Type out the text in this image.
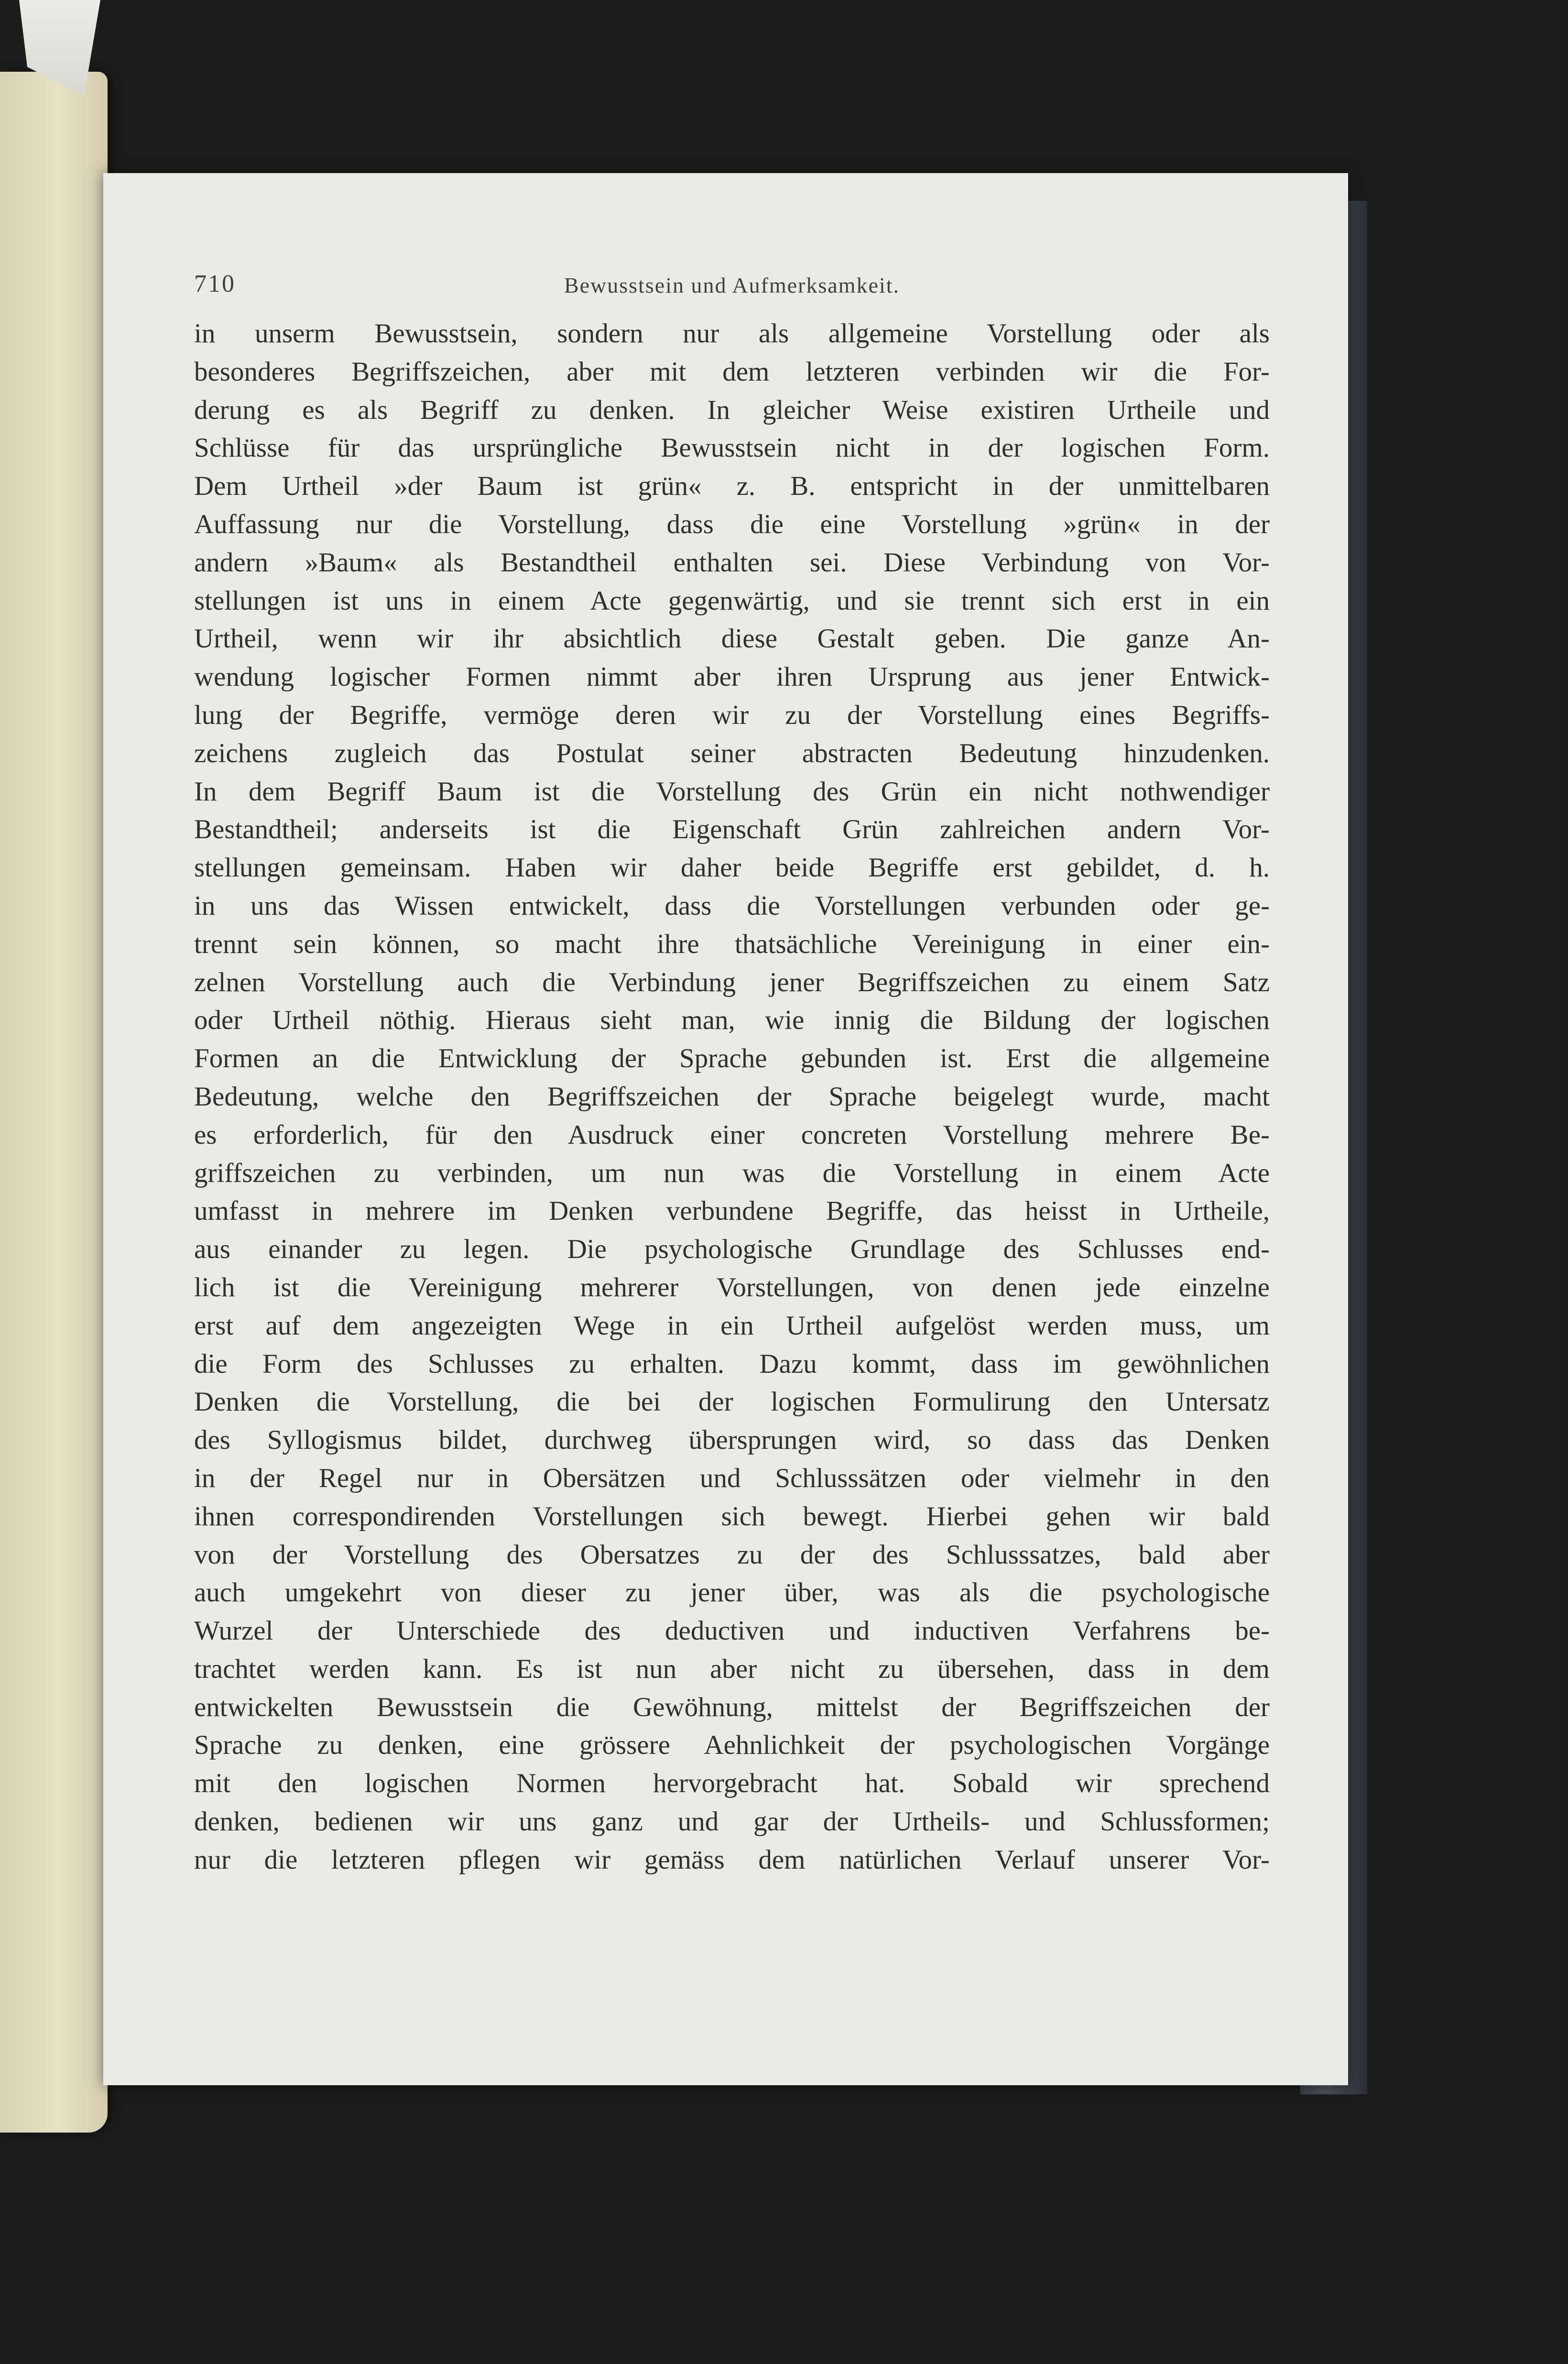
710	Bewusstsein und Aufmerksamkeit.
in unserm Bewusstsein, sondern nur als allgemeine Vorstellung oder als
besonderes Begriffszeichen, aber mit dem letzteren verbinden wir die For-
derung es als Begriff zu denken. In gleicher Weise existiren Urtheile und
Schlüsse für das ursprüngliche Bewusstsein nicht in der logischen Form.
Dem Urtheil »der Baum ist grün« z. B. entspricht in der unmittelbaren
Auffassung nur die Vorstellung, dass die eine Vorstellung »grün« in der
andern »Baum« als Bestandtheil enthalten sei. Diese Verbindung von Vor-
stellungen ist uns in einem Acte gegenwärtig, und sie trennt sich erst in ein
Urtheil, wenn wir ihr absichtlich diese Gestalt geben. Die ganze An-
wendung logischer Formen nimmt aber ihren Ursprung aus jener Entwick-
lung der Begriffe, vermöge deren wir zu der Vorstellung eines Begriffs-
zeichens zugleich das Postulat seiner abstracten Bedeutung hinzudenken.
In dem Begriff Baum ist die Vorstellung des Grün ein nicht nothwendiger
Bestandtheil; anderseits ist die Eigenschaft Grün zahlreichen andern Vor-
stellungen gemeinsam. Haben wir daher beide Begriffe erst gebildet, d. h.
in uns das Wissen entwickelt, dass die Vorstellungen verbunden oder ge-
trennt sein können, so macht ihre thatsächliche Vereinigung in einer ein-
zelnen Vorstellung auch die Verbindung jener Begriffszeichen zu einem Satz
oder Urtheil nöthig. Hieraus sieht man, wie innig die Bildung der logischen
Formen an die Entwicklung der Sprache gebunden ist. Erst die allgemeine
Bedeutung, welche den Begriffszeichen der Sprache beigelegt wurde, macht
es erforderlich, für den Ausdruck einer concreten Vorstellung mehrere Be-
griffszeichen zu verbinden, um nun was die Vorstellung in einem Acte
umfasst in mehrere im Denken verbundene Begriffe, das heisst in Urtheile,
aus einander zu legen. Die psychologische Grundlage des Schlusses end-
lich ist die Vereinigung mehrerer Vorstellungen, von denen jede einzelne
erst auf dem angezeigten Wege in ein Urtheil aufgelöst werden muss, um
die Form des Schlusses zu erhalten. Dazu kommt, dass im gewöhnlichen
Denken die Vorstellung, die bei der logischen Formulirung den Untersatz
des Syllogismus bildet, durchweg übersprungen wird, so dass das Denken
in der Regel nur in Obersätzen und Schlusssätzen oder vielmehr in den
ihnen correspondirenden Vorstellungen sich bewegt. Hierbei gehen wir bald
von der Vorstellung des Obersatzes zu der des Schlusssatzes, bald aber
auch umgekehrt von dieser zu jener über, was als die psychologische
Wurzel der Unterschiede des deductiven und inductiven Verfahrens be-
trachtet werden kann. Es ist nun aber nicht zu übersehen, dass in dem
entwickelten Bewusstsein die Gewöhnung, mittelst der Begriffszeichen der
Sprache zu denken, eine grössere Aehnlichkeit der psychologischen Vorgänge
mit den logischen Normen hervorgebracht hat. Sobald wir sprechend
denken, bedienen wir uns ganz und gar der Urtheils- und Schlussformen;
nur die letzteren pflegen wir gemäss dem natürlichen Verlauf unserer Vor-
